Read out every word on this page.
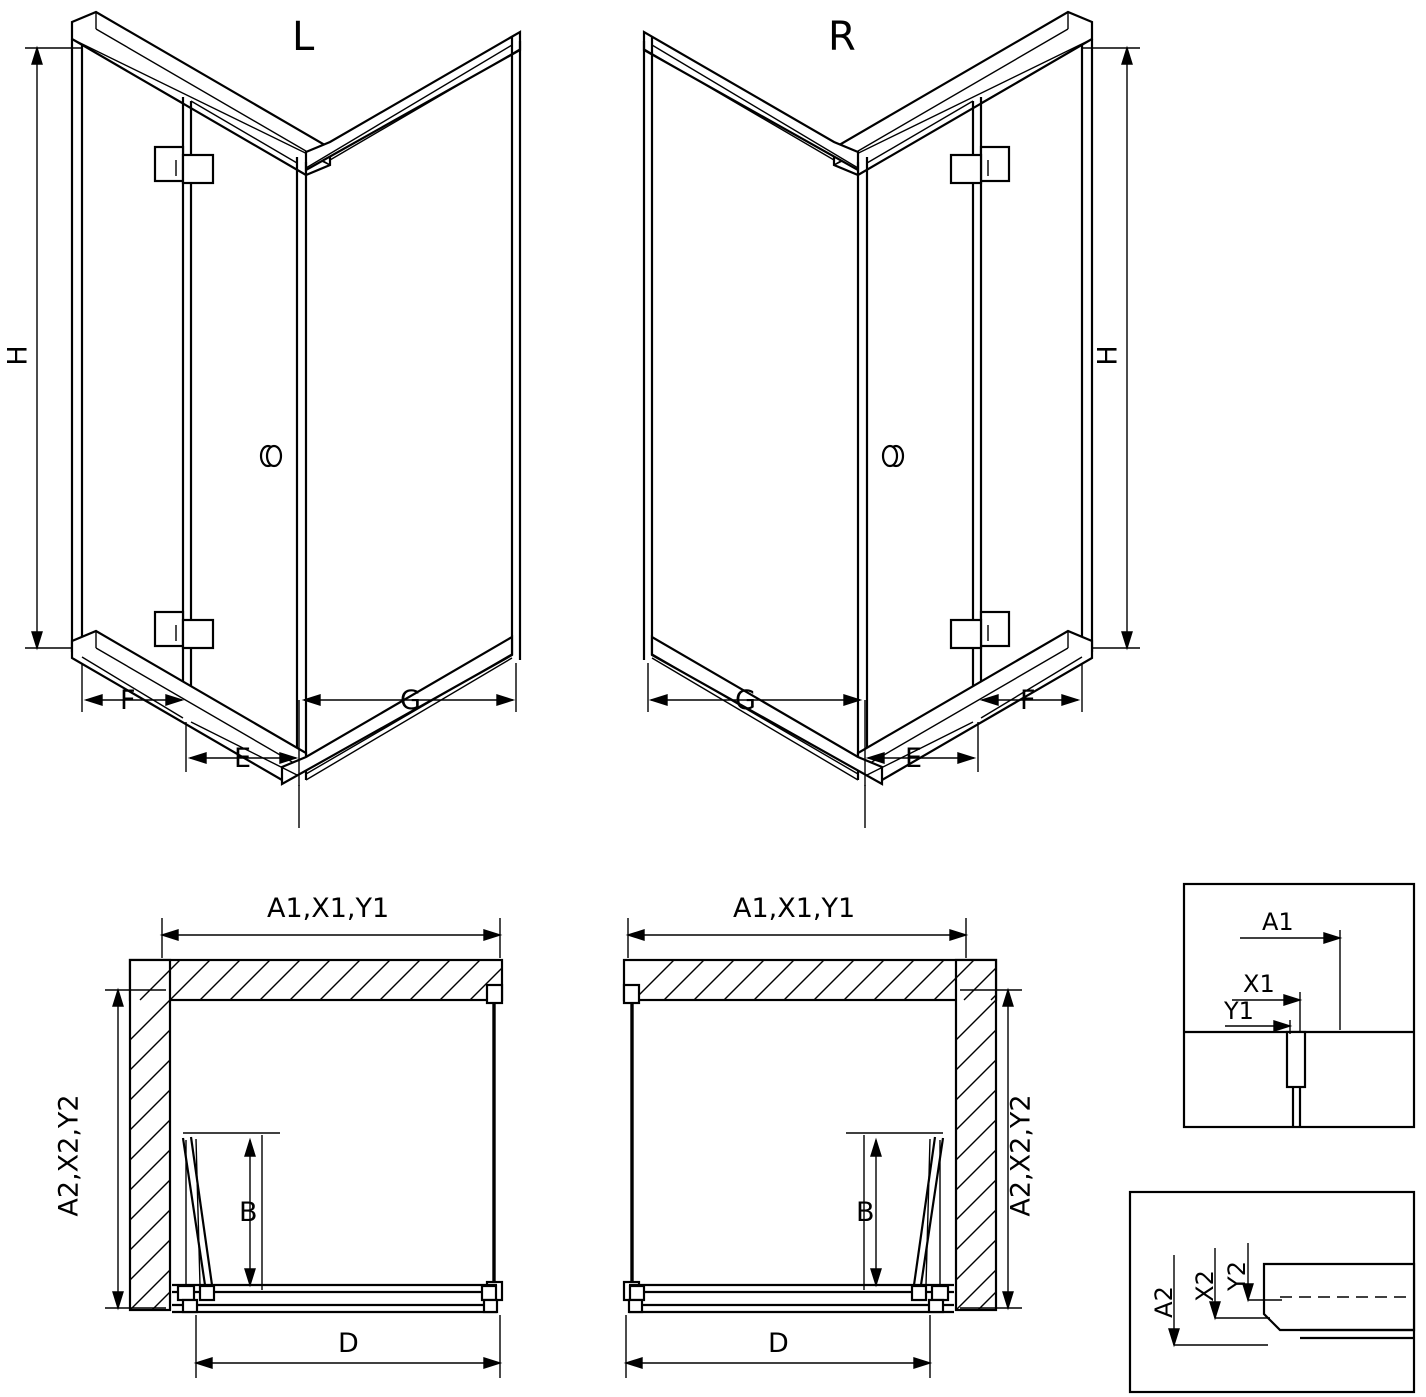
L	R
H	H
F
E
G	G
E
F
A1,X1,Y1
A2,X2,Y2	B
D
A1,X1,Y1
A2,X2,Y2
B
D
A1
X1
Y1
A2
X2 Y2
